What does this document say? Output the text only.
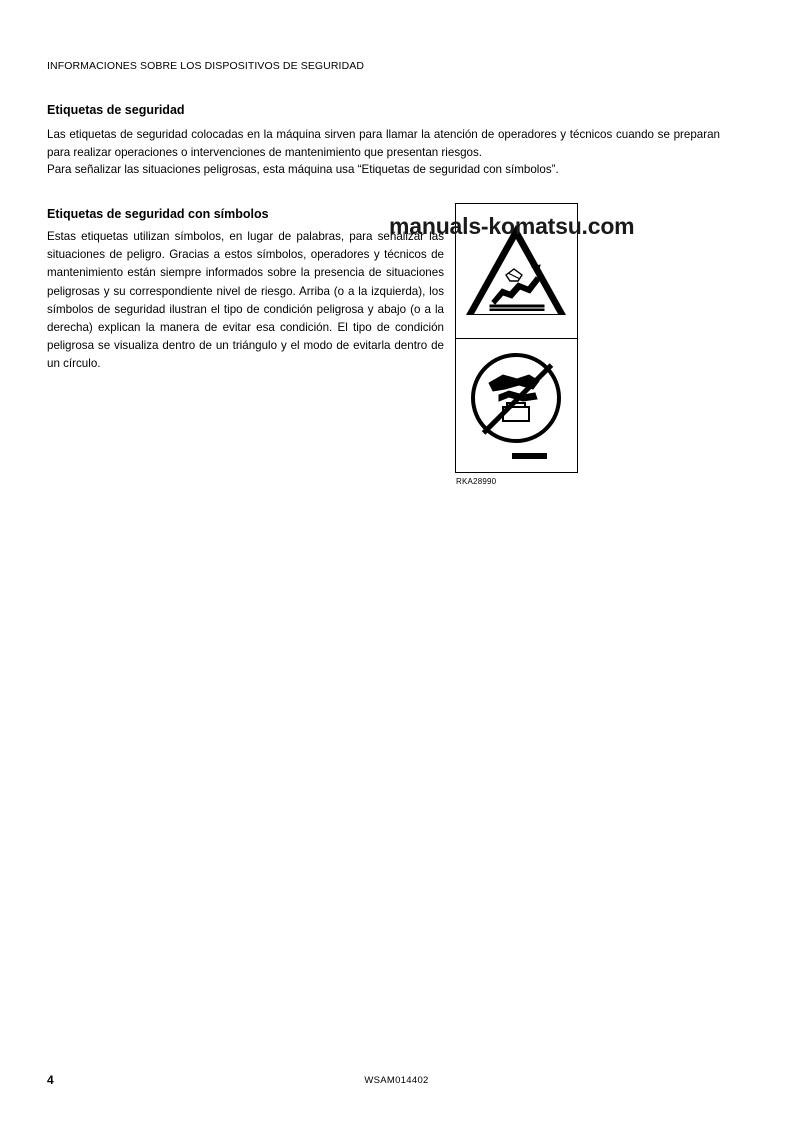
INFORMACIONES SOBRE LOS DISPOSITIVOS DE SEGURIDAD
Etiquetas de seguridad
Las etiquetas de seguridad colocadas en la máquina sirven para llamar la atención de operadores y técnicos cuando se preparan para realizar operaciones o intervenciones de mantenimiento que presentan riesgos.
Para señalizar las situaciones peligrosas, esta máquina usa “Etiquetas de seguridad con símbolos”.
Etiquetas de seguridad con símbolos
Estas etiquetas utilizan símbolos, en lugar de palabras, para señalizar las situaciones de peligro. Gracias a estos símbolos, operadores y técnicos de mantenimiento están siempre informados sobre la presencia de situaciones peligrosas y su correspondiente nivel de riesgo. Arriba (o a la izquierda), los símbolos de seguridad ilustran el tipo de condición peligrosa y abajo (o a la derecha) explican la manera de evitar esa condición. El tipo de condición peligrosa se visualiza dentro de un triángulo y el modo de evitarla dentro de un círculo.
manuals-komatsu.com
09651-A0481
RKA28990
4	WSAM014402
